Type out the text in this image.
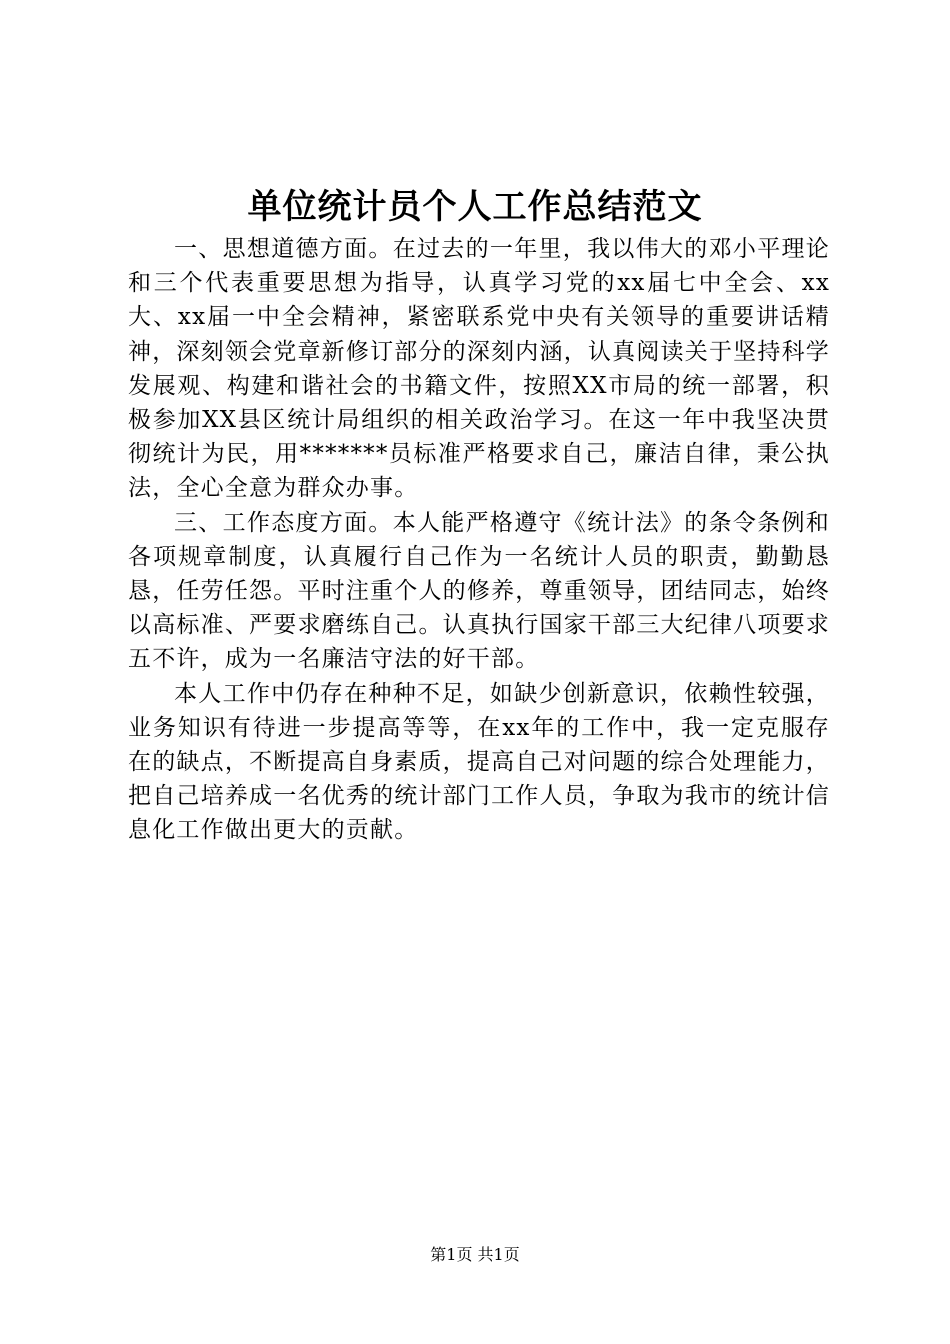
单位统计员个人工作总结范文

一、思想道德方面。在过去的一年里，我以伟大的邓小平理论和三个代表重要思想为指导，认真学习党的xx届七中全会、xx大、xx届一中全会精神，紧密联系党中央有关领导的重要讲话精神，深刻领会党章新修订部分的深刻内涵，认真阅读关于坚持科学发展观、构建和谐社会的书籍文件，按照XX市局的统一部署，积极参加XX县区统计局组织的相关政治学习。在这一年中我坚决贯彻统计为民，用*******员标准严格要求自己，廉洁自律，秉公执法，全心全意为群众办事。

三、工作态度方面。本人能严格遵守《统计法》的条令条例和各项规章制度，认真履行自己作为一名统计人员的职责，勤勤恳恳，任劳任怨。平时注重个人的修养，尊重领导，团结同志，始终以高标准、严要求磨练自己。认真执行国家干部三大纪律八项要求五不许，成为一名廉洁守法的好干部。

本人工作中仍存在种种不足，如缺少创新意识，依赖性较强，业务知识有待进一步提高等等，在xx年的工作中，我一定克服存在的缺点，不断提高自身素质，提高自己对问题的综合处理能力，把自己培养成一名优秀的统计部门工作人员，争取为我市的统计信息化工作做出更大的贡献。

第1页 共1页
